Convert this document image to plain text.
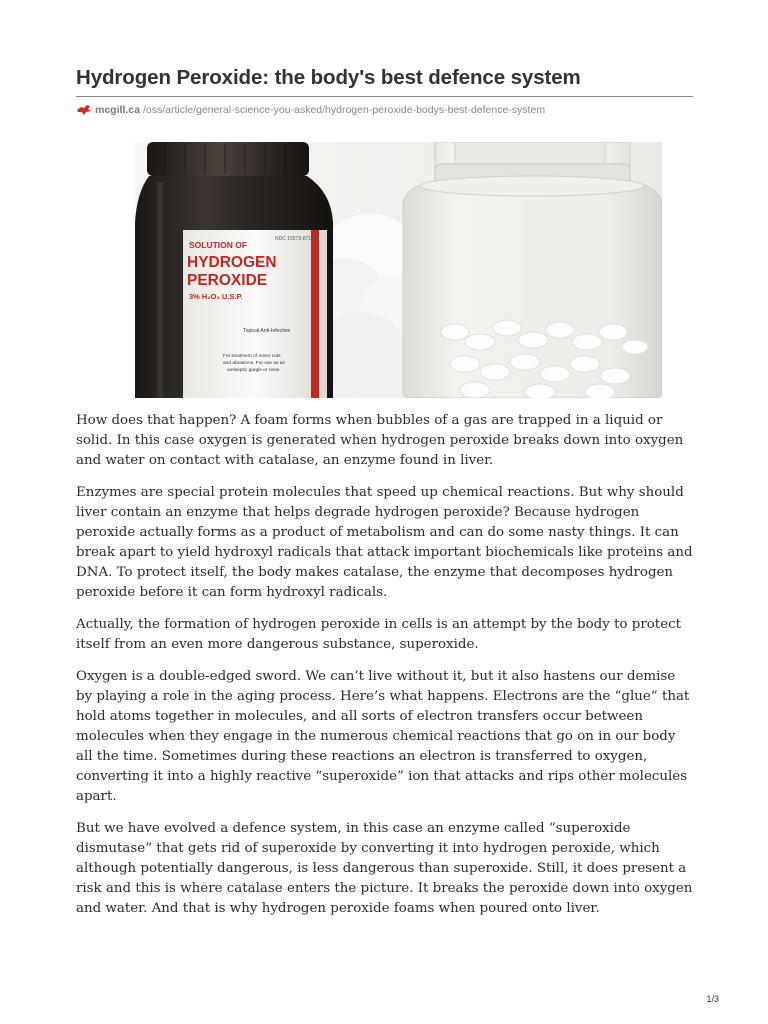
Hydrogen Peroxide: the body's best defence system
mcgill.ca /oss/article/general-science-you-asked/hydrogen-peroxide-bodys-best-defence-system
SOLUTION OF
NDC 15573-871-40
HYDROGEN
PEROXIDE
3% H₂O₂ U.S.P.
Topical Anti-Infective
For treatment of minor cuts
and abrasions. For use as an
antiseptic gargle or rinse.

How does that happen? A foam forms when bubbles of a gas are trapped in a liquid or solid. In this case oxygen is generated when hydrogen peroxide breaks down into oxygen and water on contact with catalase, an enzyme found in liver.

Enzymes are special protein molecules that speed up chemical reactions. But why should liver contain an enzyme that helps degrade hydrogen peroxide? Because hydrogen peroxide actually forms as a product of metabolism and can do some nasty things. It can break apart to yield hydroxyl radicals that attack important biochemicals like proteins and DNA. To protect itself, the body makes catalase, the enzyme that decomposes hydrogen peroxide before it can form hydroxyl radicals.

Actually, the formation of hydrogen peroxide in cells is an attempt by the body to protect itself from an even more dangerous substance, superoxide.

Oxygen is a double-edged sword. We can’t live without it, but it also hastens our demise by playing a role in the aging process. Here’s what happens. Electrons are the “glue” that hold atoms together in molecules, and all sorts of electron transfers occur between molecules when they engage in the numerous chemical reactions that go on in our body all the time. Sometimes during these reactions an electron is transferred to oxygen, converting it into a highly reactive “superoxide” ion that attacks and rips other molecules apart.

But we have evolved a defence system, in this case an enzyme called “superoxide dismutase” that gets rid of superoxide by converting it into hydrogen peroxide, which although potentially dangerous, is less dangerous than superoxide. Still, it does present a risk and this is where catalase enters the picture. It breaks the peroxide down into oxygen and water. And that is why hydrogen peroxide foams when poured onto liver.

1/3
